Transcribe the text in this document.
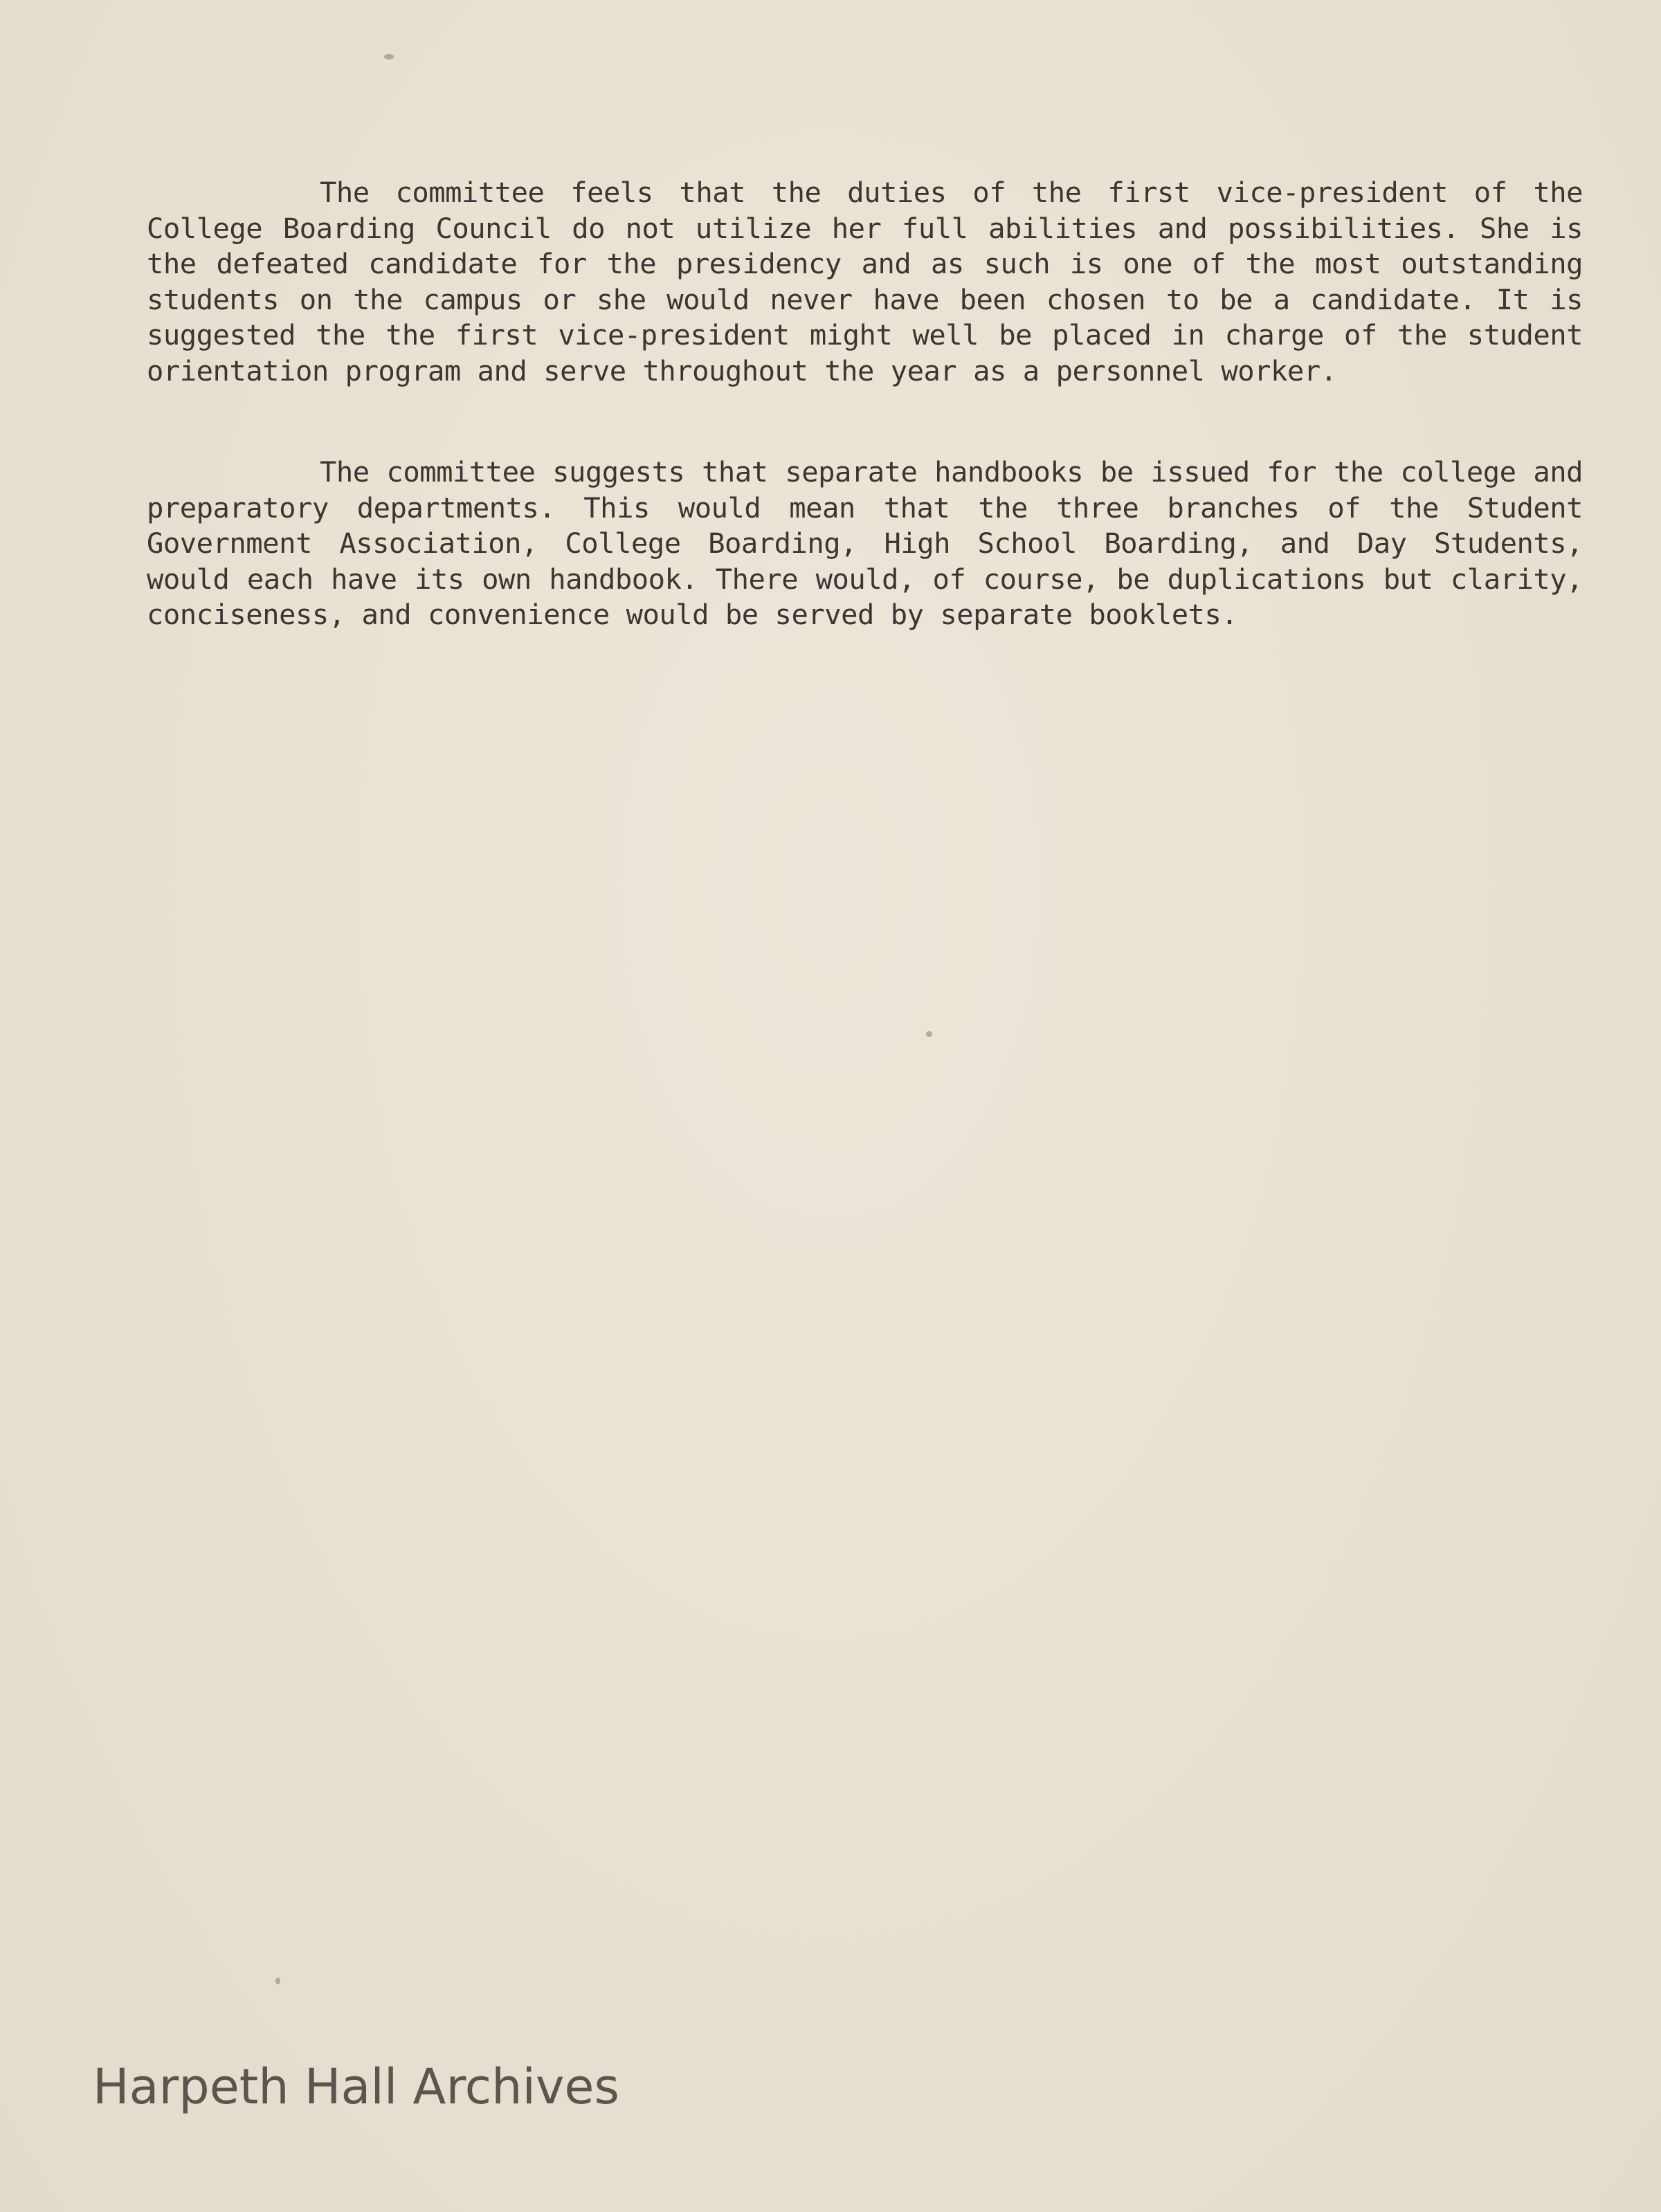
The committee feels that the duties of the first vice-president of the College Boarding Council do not utilize her full abilities and possibilities. She is the defeated candidate for the presidency and as such is one of the most outstanding students on the campus or she would never have been chosen to be a candidate. It is suggested the the first vice-president might well be placed in charge of the student orientation program and serve throughout the year as a personnel worker.

The committee suggests that separate handbooks be issued for the college and preparatory departments. This would mean that the three branches of the Student Government Association, College Boarding, High School Boarding, and Day Students, would each have its own handbook. There would, of course, be duplications but clarity, conciseness, and convenience would be served by separate booklets.

Harpeth Hall Archives
